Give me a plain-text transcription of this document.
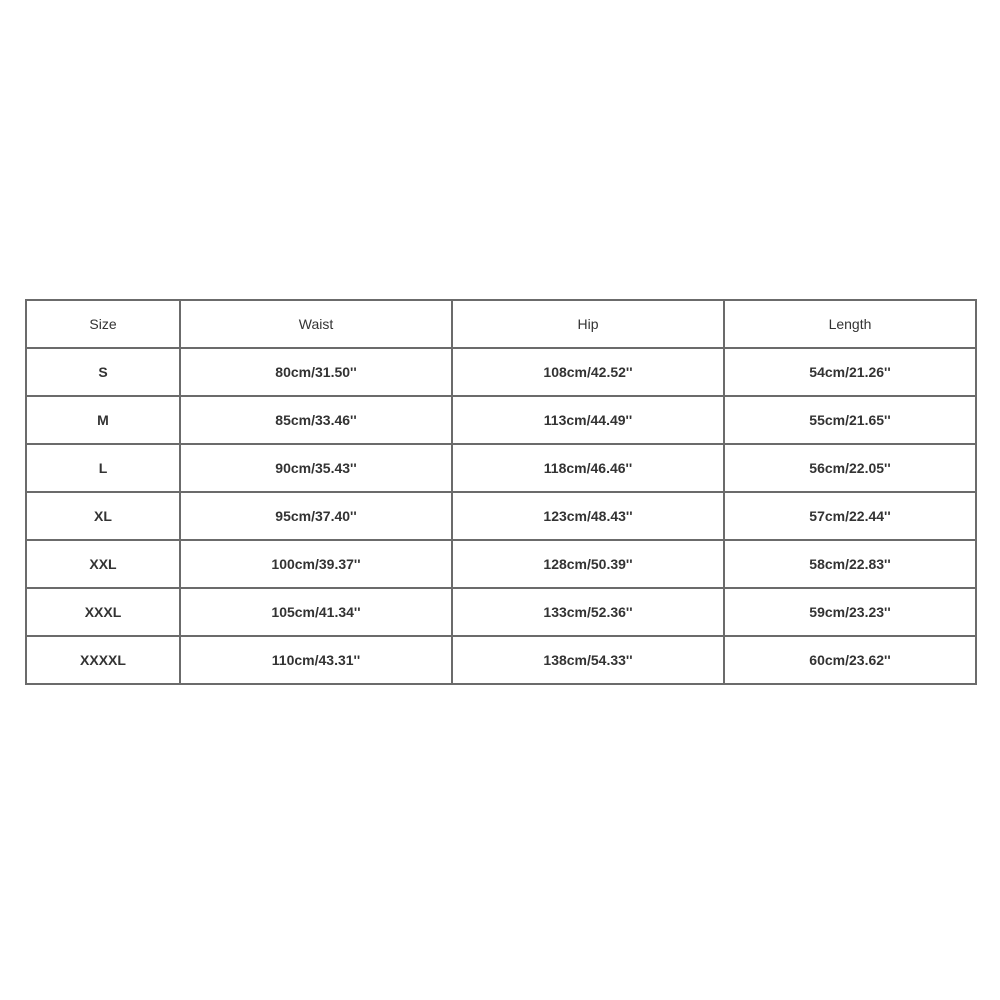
Size	Waist	Hip	Length
S	80cm/31.50''	108cm/42.52''	54cm/21.26''
M	85cm/33.46''	113cm/44.49''	55cm/21.65''
L	90cm/35.43''	118cm/46.46''	56cm/22.05''
XL	95cm/37.40''	123cm/48.43''	57cm/22.44''
XXL	100cm/39.37''	128cm/50.39''	58cm/22.83''
XXXL	105cm/41.34''	133cm/52.36''	59cm/23.23''
XXXXL	110cm/43.31''	138cm/54.33''	60cm/23.62''
